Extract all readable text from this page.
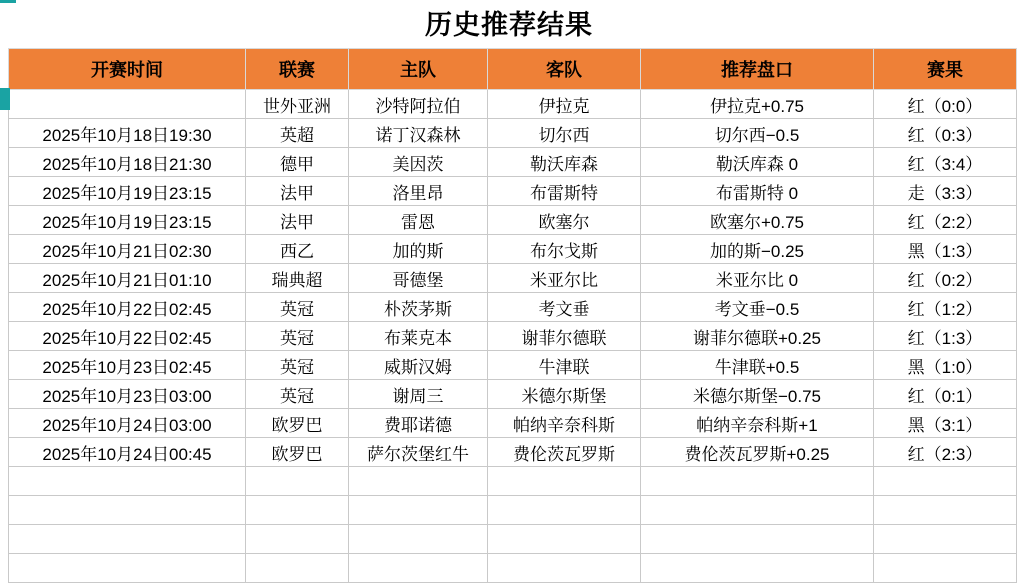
历史推荐结果
开赛时间	联赛	主队	客队	推荐盘口	赛果
	世外亚洲	沙特阿拉伯	伊拉克	伊拉克+0.75	红（0:0）
2025年10月18日19:30	英超	诺丁汉森林	切尔西	切尔西−0.5	红（0:3）
2025年10月18日21:30	德甲	美因茨	勒沃库森	勒沃库森 0	红（3:4）
2025年10月19日23:15	法甲	洛里昂	布雷斯特	布雷斯特 0	走（3:3）
2025年10月19日23:15	法甲	雷恩	欧塞尔	欧塞尔+0.75	红（2:2）
2025年10月21日02:30	西乙	加的斯	布尔戈斯	加的斯−0.25	黑（1:3）
2025年10月21日01:10	瑞典超	哥德堡	米亚尔比	米亚尔比 0	红（0:2）
2025年10月22日02:45	英冠	朴茨茅斯	考文垂	考文垂−0.5	红（1:2）
2025年10月22日02:45	英冠	布莱克本	谢菲尔德联	谢菲尔德联+0.25	红（1:3）
2025年10月23日02:45	英冠	威斯汉姆	牛津联	牛津联+0.5	黑（1:0）
2025年10月23日03:00	英冠	谢周三	米德尔斯堡	米德尔斯堡−0.75	红（0:1）
2025年10月24日03:00	欧罗巴	费耶诺德	帕纳辛奈科斯	帕纳辛奈科斯+1	黑（3:1）
2025年10月24日00:45	欧罗巴	萨尔茨堡红牛	费伦茨瓦罗斯	费伦茨瓦罗斯+0.25	红（2:3）
